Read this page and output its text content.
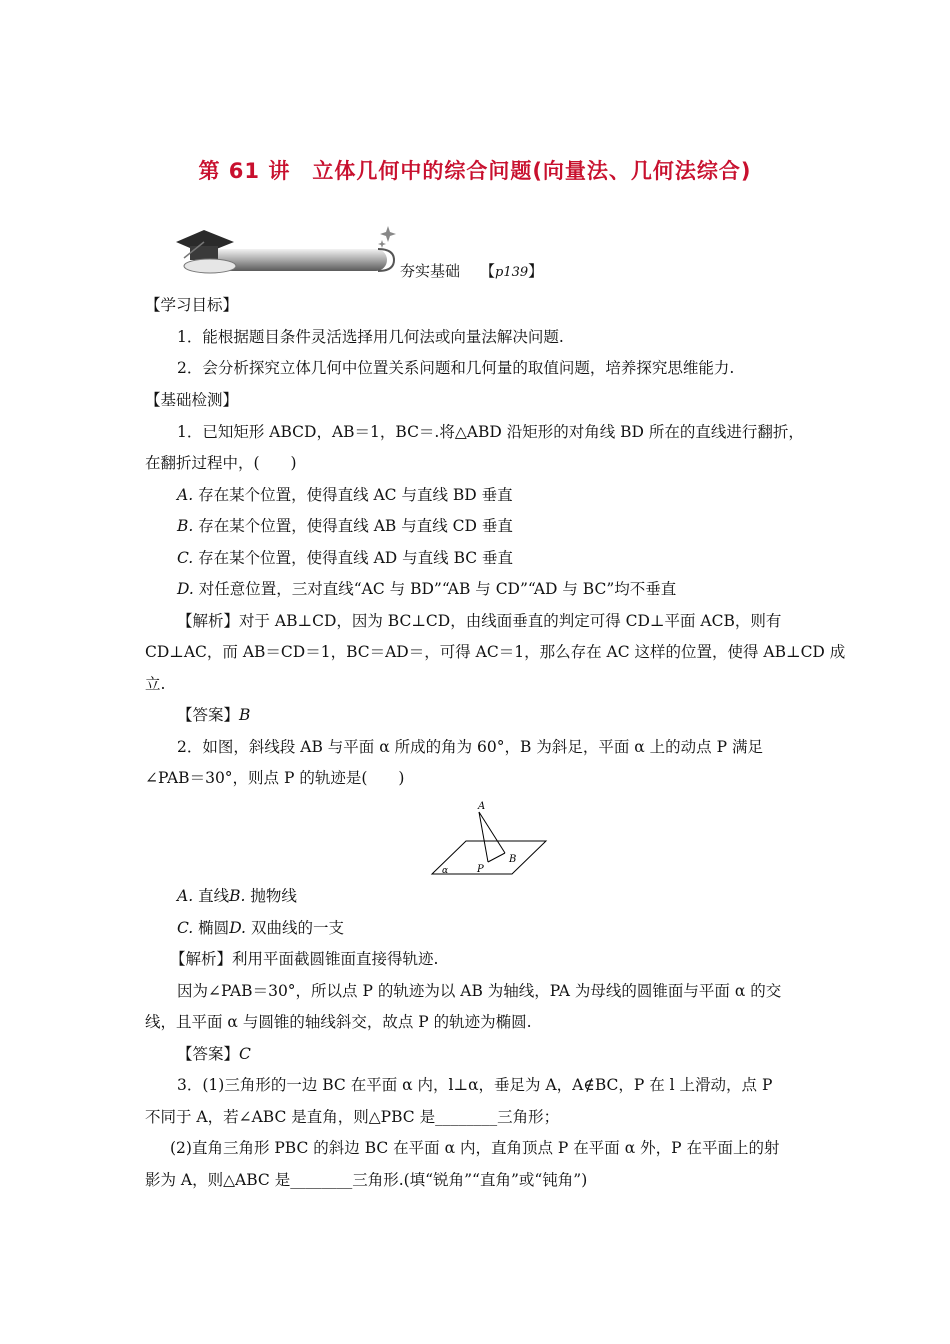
第 61 讲　立体几何中的综合问题(向量法、几何法综合)
夯实基础 【p139】
【学习目标】
1．能根据题目条件灵活选择用几何法或向量法解决问题.
2．会分析探究立体几何中位置关系问题和几何量的取值问题，培养探究思维能力.
【基础检测】
1．已知矩形 ABCD，AB＝1，BC＝.将△ABD 沿矩形的对角线 BD 所在的直线进行翻折，
在翻折过程中，(　　)
A. 存在某个位置，使得直线 AC 与直线 BD 垂直
B. 存在某个位置，使得直线 AB 与直线 CD 垂直
C. 存在某个位置，使得直线 AD 与直线 BC 垂直
D. 对任意位置，三对直线“AC 与 BD”“AB 与 CD”“AD 与 BC”均不垂直
【解析】对于 AB⊥CD，因为 BC⊥CD，由线面垂直的判定可得 CD⊥平面 ACB，则有
CD⊥AC，而 AB＝CD＝1，BC＝AD＝，可得 AC＝1，那么存在 AC 这样的位置，使得 AB⊥CD 成
立.
【答案】B
2．如图，斜线段 AB 与平面 α 所成的角为 60°，B 为斜足，平面 α 上的动点 P 满足
∠PAB＝30°，则点 P 的轨迹是(　　)
A
B
P
α
A. 直线B. 抛物线
C. 椭圆D. 双曲线的一支
【解析】利用平面截圆锥面直接得轨迹.
因为∠PAB＝30°，所以点 P 的轨迹为以 AB 为轴线，PA 为母线的圆锥面与平面 α 的交
线，且平面 α 与圆锥的轴线斜交，故点 P 的轨迹为椭圆.
【答案】C
3．(1)三角形的一边 BC 在平面 α 内，l⊥α，垂足为 A，A∉BC，P 在 l 上滑动，点 P
不同于 A，若∠ABC 是直角，则△PBC 是________三角形；
(2)直角三角形 PBC 的斜边 BC 在平面 α 内，直角顶点 P 在平面 α 外，P 在平面上的射
影为 A，则△ABC 是________三角形.(填“锐角”“直角”或“钝角”)
